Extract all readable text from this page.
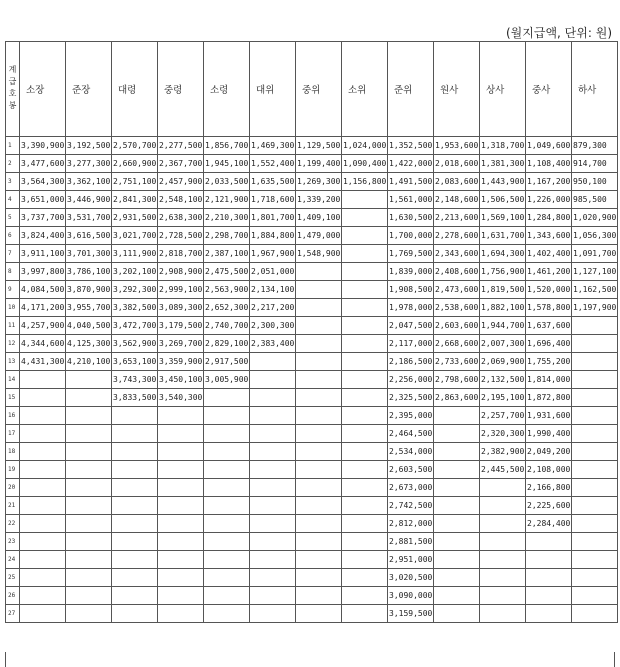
(월지급액, 단위: 원)
계급호봉	소장	준장	대령	중령	소령	대위	중위	소위	준위	원사	상사	중사	하사
1	3,390,900	3,192,500	2,570,700	2,277,500	1,856,700	1,469,300	1,129,500	1,024,000	1,352,500	1,953,600	1,318,700	1,049,600	879,300
2	3,477,600	3,277,300	2,660,900	2,367,700	1,945,100	1,552,400	1,199,400	1,090,400	1,422,000	2,018,600	1,381,300	1,108,400	914,700
3	3,564,300	3,362,100	2,751,100	2,457,900	2,033,500	1,635,500	1,269,300	1,156,800	1,491,500	2,083,600	1,443,900	1,167,200	950,100
4	3,651,000	3,446,900	2,841,300	2,548,100	2,121,900	1,718,600	1,339,200		1,561,000	2,148,600	1,506,500	1,226,000	985,500
5	3,737,700	3,531,700	2,931,500	2,638,300	2,210,300	1,801,700	1,409,100		1,630,500	2,213,600	1,569,100	1,284,800	1,020,900
6	3,824,400	3,616,500	3,021,700	2,728,500	2,298,700	1,884,800	1,479,000		1,700,000	2,278,600	1,631,700	1,343,600	1,056,300
7	3,911,100	3,701,300	3,111,900	2,818,700	2,387,100	1,967,900	1,548,900		1,769,500	2,343,600	1,694,300	1,402,400	1,091,700
8	3,997,800	3,786,100	3,202,100	2,908,900	2,475,500	2,051,000			1,839,000	2,408,600	1,756,900	1,461,200	1,127,100
9	4,084,500	3,870,900	3,292,300	2,999,100	2,563,900	2,134,100			1,908,500	2,473,600	1,819,500	1,520,000	1,162,500
10	4,171,200	3,955,700	3,382,500	3,089,300	2,652,300	2,217,200			1,978,000	2,538,600	1,882,100	1,578,800	1,197,900
11	4,257,900	4,040,500	3,472,700	3,179,500	2,740,700	2,300,300			2,047,500	2,603,600	1,944,700	1,637,600	
12	4,344,600	4,125,300	3,562,900	3,269,700	2,829,100	2,383,400			2,117,000	2,668,600	2,007,300	1,696,400	
13	4,431,300	4,210,100	3,653,100	3,359,900	2,917,500				2,186,500	2,733,600	2,069,900	1,755,200	
14			3,743,300	3,450,100	3,005,900				2,256,000	2,798,600	2,132,500	1,814,000	
15			3,833,500	3,540,300					2,325,500	2,863,600	2,195,100	1,872,800	
16									2,395,000		2,257,700	1,931,600	
17									2,464,500		2,320,300	1,990,400	
18									2,534,000		2,382,900	2,049,200	
19									2,603,500		2,445,500	2,108,000	
20									2,673,000			2,166,800	
21									2,742,500			2,225,600	
22									2,812,000			2,284,400	
23									2,881,500				
24									2,951,000				
25									3,020,500				
26									3,090,000				
27									3,159,500				
